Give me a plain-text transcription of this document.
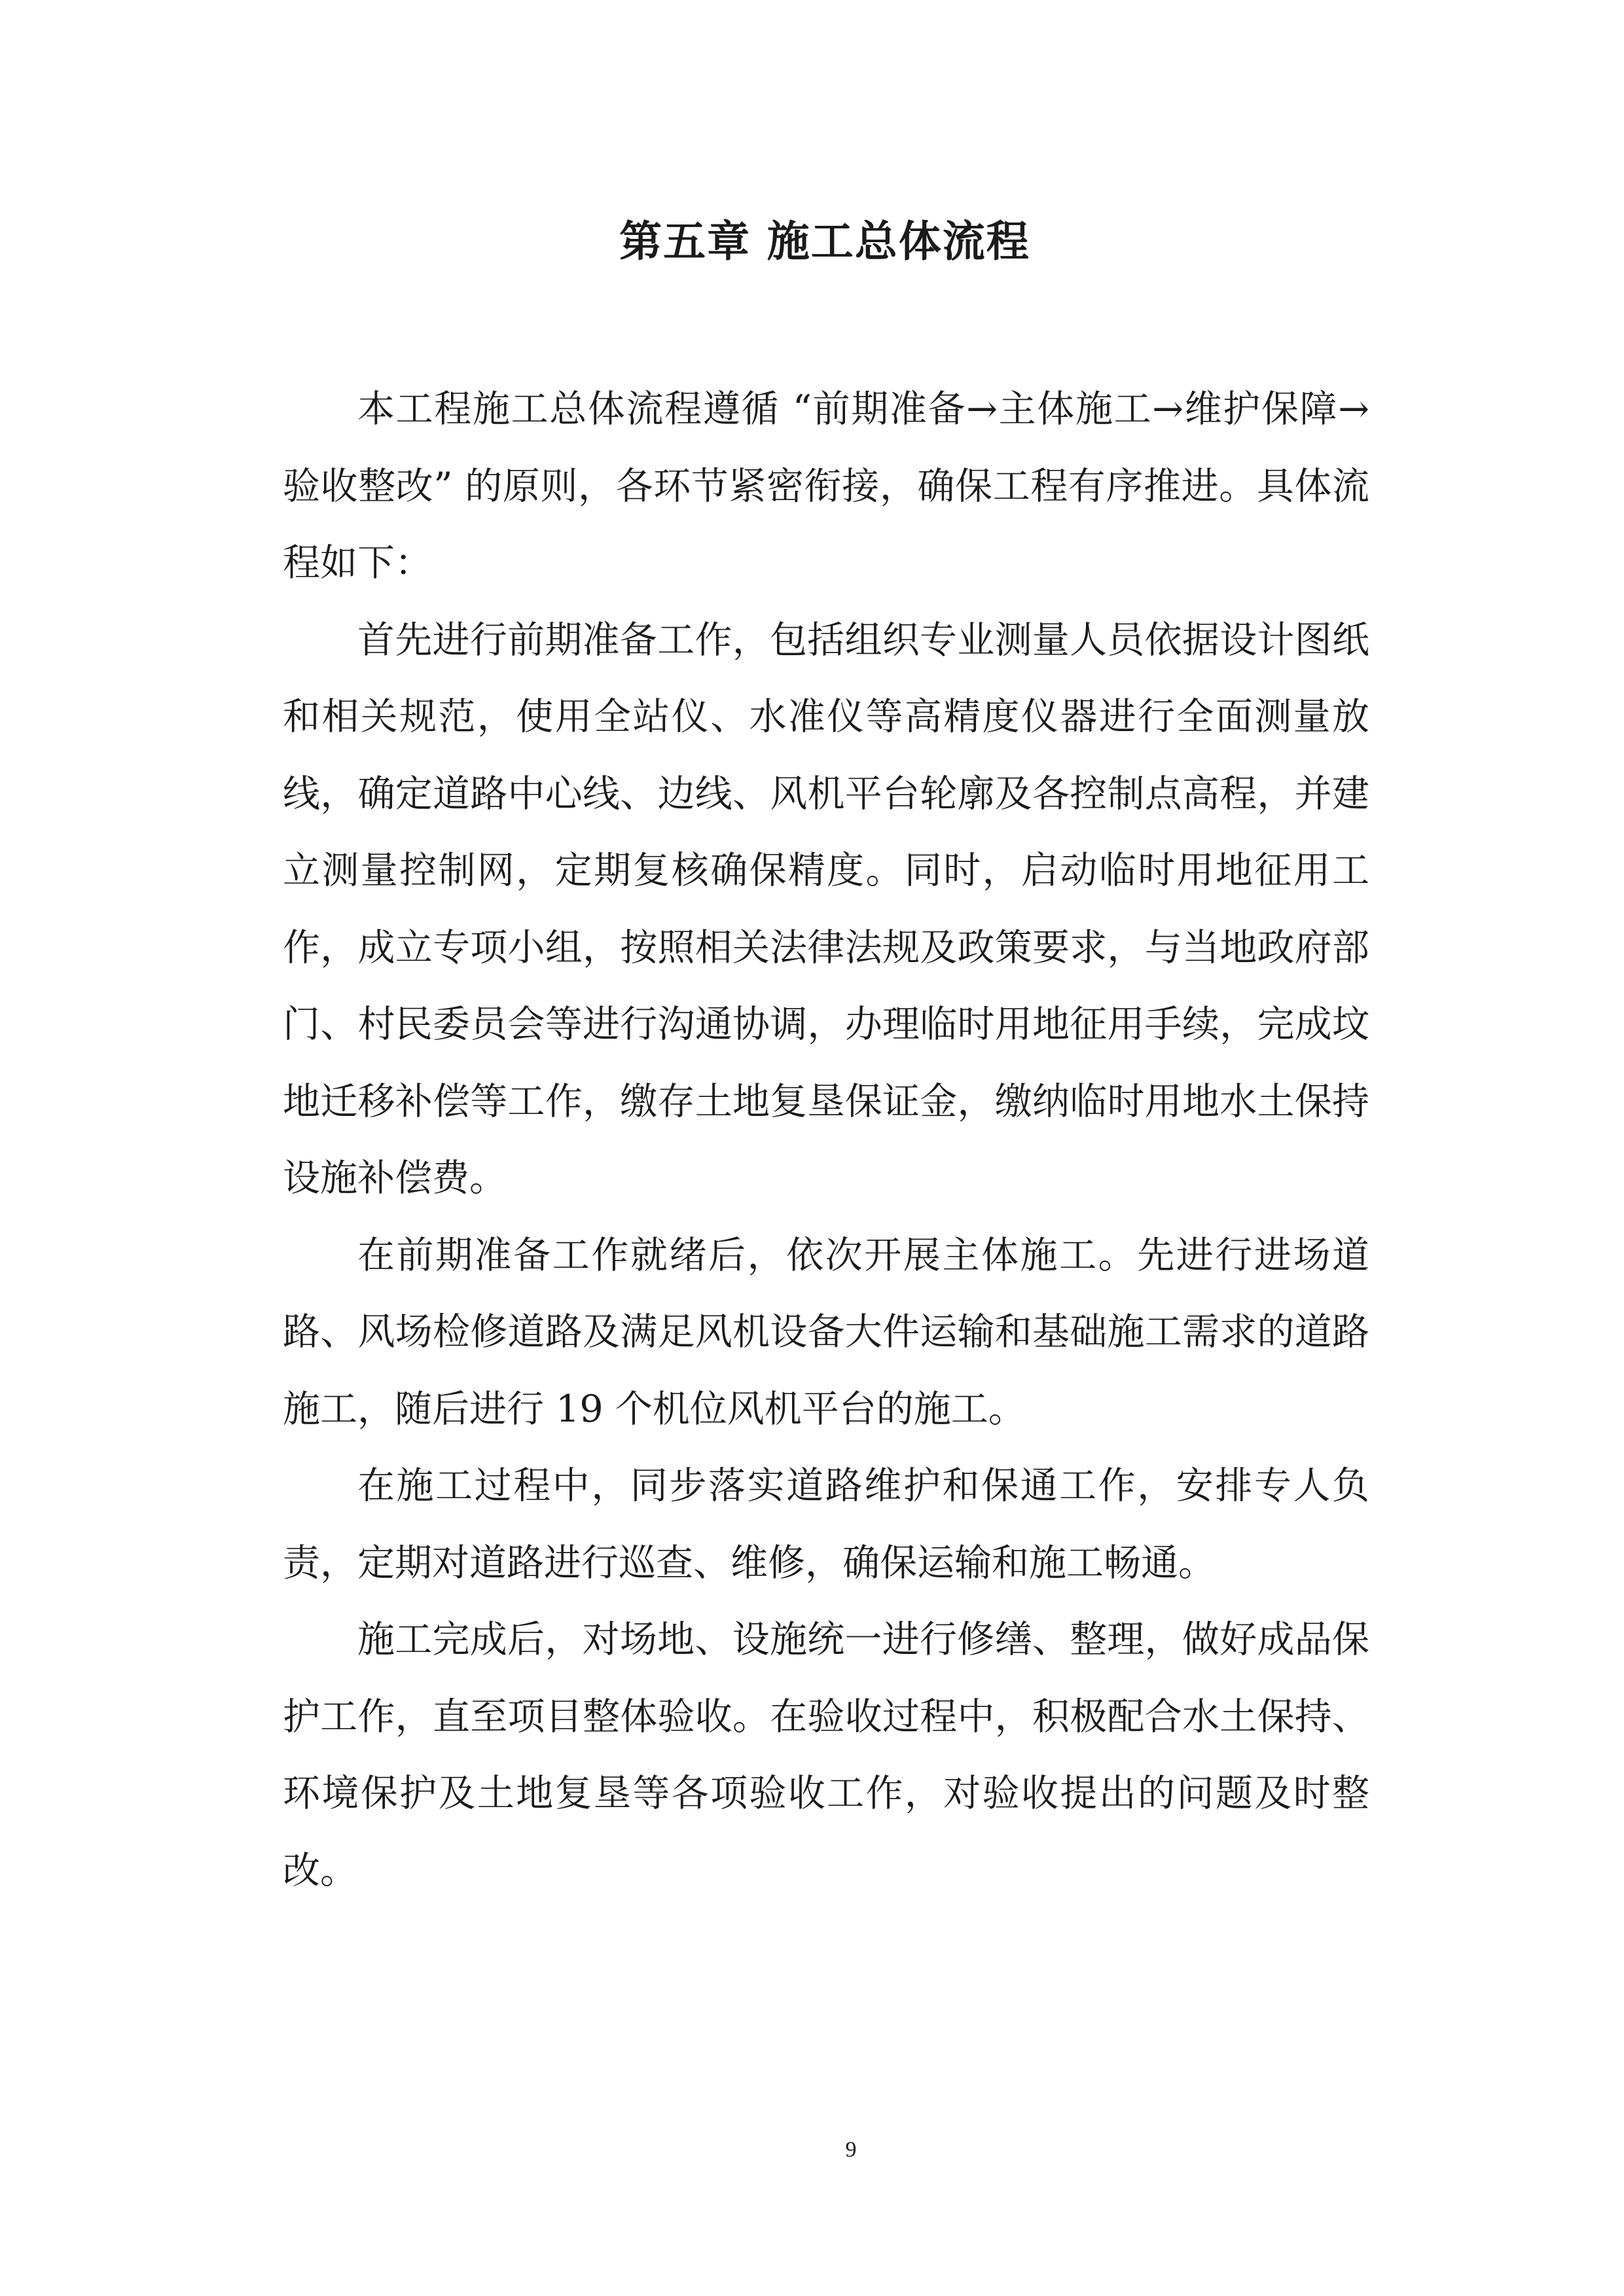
第五章 施工总体流程

本工程施工总体流程遵循 “前期准备→主体施工→维护保障→验收整改” 的原则，各环节紧密衔接，确保工程有序推进。具体流程如下：

首先进行前期准备工作，包括组织专业测量人员依据设计图纸和相关规范，使用全站仪、水准仪等高精度仪器进行全面测量放线，确定道路中心线、边线、风机平台轮廓及各控制点高程，并建立测量控制网，定期复核确保精度。同时，启动临时用地征用工作，成立专项小组，按照相关法律法规及政策要求，与当地政府部门、村民委员会等进行沟通协调，办理临时用地征用手续，完成坟地迁移补偿等工作，缴存土地复垦保证金，缴纳临时用地水土保持设施补偿费。

在前期准备工作就绪后，依次开展主体施工。先进行进场道路、风场检修道路及满足风机设备大件运输和基础施工需求的道路施工，随后进行 19 个机位风机平台的施工。

在施工过程中，同步落实道路维护和保通工作，安排专人负责，定期对道路进行巡查、维修，确保运输和施工畅通。

施工完成后，对场地、设施统一进行修缮、整理，做好成品保护工作，直至项目整体验收。在验收过程中，积极配合水土保持、环境保护及土地复垦等各项验收工作，对验收提出的问题及时整改。

9
